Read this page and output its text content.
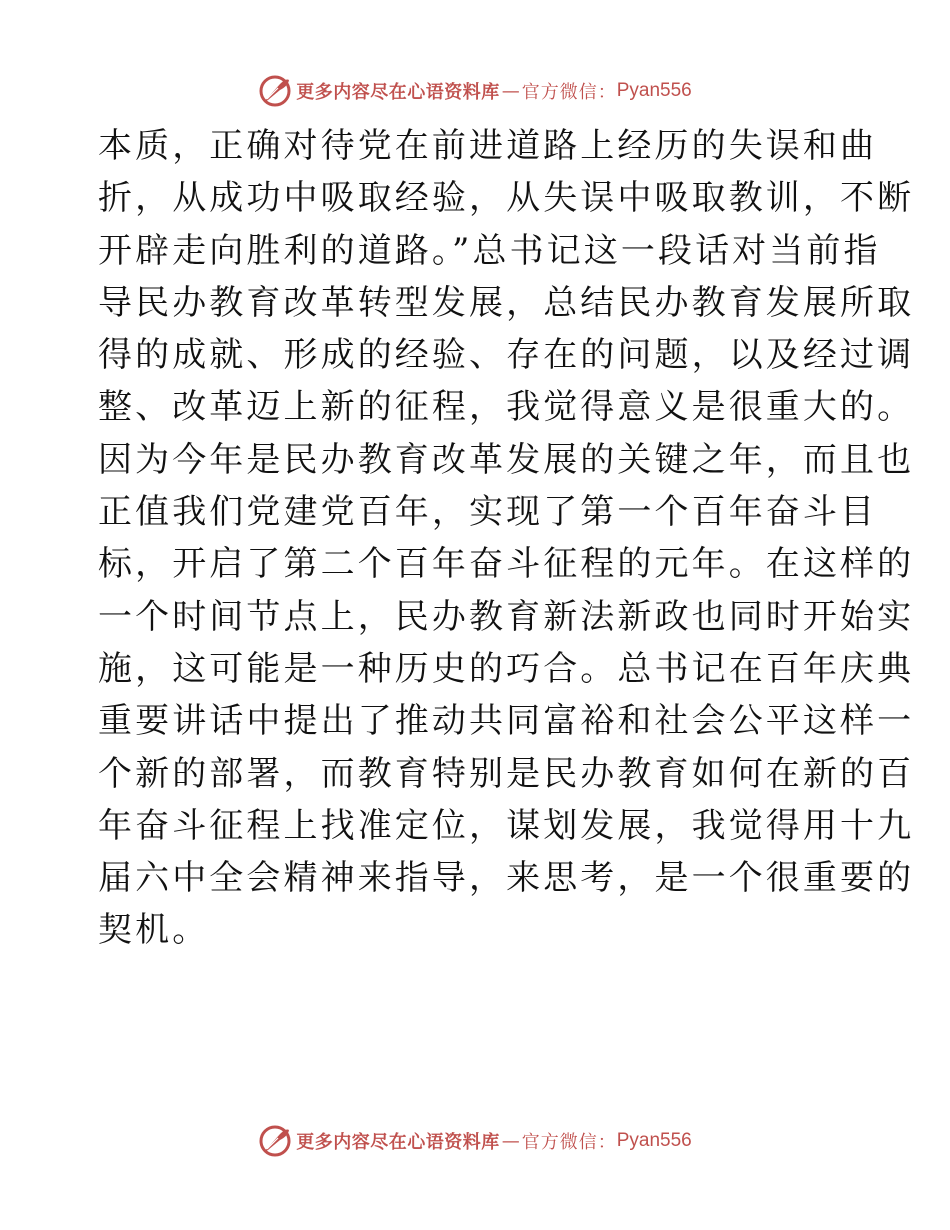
更多内容尽在心语资料库 — 官方微信： Pyan556
本质，正确对待党在前进道路上经历的失误和曲
折，从成功中吸取经验，从失误中吸取教训，不断
开辟走向胜利的道路。”总书记这一段话对当前指
导民办教育改革转型发展，总结民办教育发展所取
得的成就、形成的经验、存在的问题，以及经过调
整、改革迈上新的征程，我觉得意义是很重大的。
因为今年是民办教育改革发展的关键之年，而且也
正值我们党建党百年，实现了第一个百年奋斗目
标，开启了第二个百年奋斗征程的元年。在这样的
一个时间节点上，民办教育新法新政也同时开始实
施，这可能是一种历史的巧合。总书记在百年庆典
重要讲话中提出了推动共同富裕和社会公平这样一
个新的部署，而教育特别是民办教育如何在新的百
年奋斗征程上找准定位，谋划发展，我觉得用十九
届六中全会精神来指导，来思考，是一个很重要的
契机。
更多内容尽在心语资料库 — 官方微信： Pyan556
